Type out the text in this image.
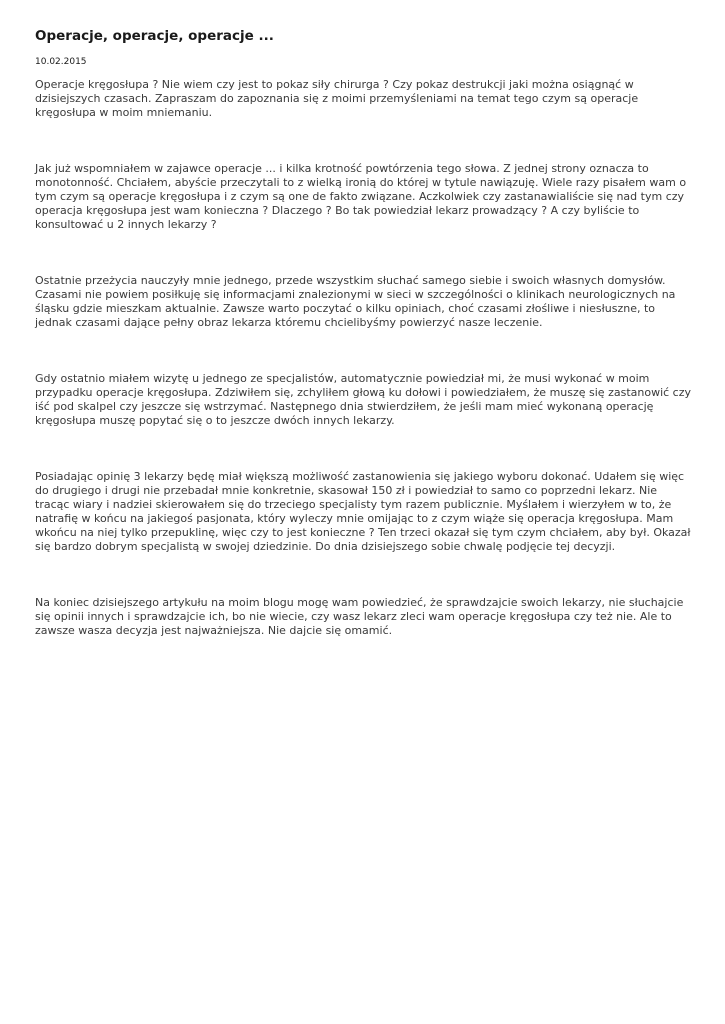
Operacje, operacje, operacje ...
10.02.2015

Operacje kręgosłupa ? Nie wiem czy jest to pokaz siły chirurga ? Czy pokaz destrukcji jaki można osiągnąć w dzisiejszych czasach. Zapraszam do zapoznania się z moimi przemyśleniami na temat tego czym są operacje kręgosłupa w moim mniemaniu.

Jak już wspomniałem w zajawce operacje ... i kilka krotność powtórzenia tego słowa. Z jednej strony oznacza to monotonność. Chciałem, abyście przeczytali to z wielką ironią do której w tytule nawiązuję. Wiele razy pisałem wam o tym czym są operacje kręgosłupa i z czym są one de fakto związane. Aczkolwiek czy zastanawialiście się nad tym czy operacja kręgosłupa jest wam konieczna ? Dlaczego ? Bo tak powiedział lekarz prowadzący ? A czy byliście to konsultować u 2 innych lekarzy ?

Ostatnie przeżycia nauczyły mnie jednego, przede wszystkim słuchać samego siebie i swoich własnych domysłów. Czasami nie powiem posiłkuję się informacjami znalezionymi w sieci w szczególności o klinikach neurologicznych na śląsku gdzie mieszkam aktualnie. Zawsze warto poczytać o kilku opiniach, choć czasami złośliwe i niesłuszne, to jednak czasami dające pełny obraz lekarza któremu chcielibyśmy powierzyć nasze leczenie.

Gdy ostatnio miałem wizytę u jednego ze specjalistów, automatycznie powiedział mi, że musi wykonać w moim przypadku operacje kręgosłupa. Zdziwiłem się, zchyliłem głową ku dołowi i powiedziałem, że muszę się zastanowić czy iść pod skalpel czy jeszcze się wstrzymać. Następnego dnia stwierdziłem, że jeśli mam mieć wykonaną operację kręgosłupa muszę popytać się o to jeszcze dwóch innych lekarzy.

Posiadając opinię 3 lekarzy będę miał większą możliwość zastanowienia się jakiego wyboru dokonać. Udałem się więc do drugiego i drugi nie przebadał mnie konkretnie, skasował 150 zł i powiedział to samo co poprzedni lekarz. Nie tracąc wiary i nadziei skierowałem się do trzeciego specjalisty tym razem publicznie. Myślałem i wierzyłem w to, że natrafię w końcu na jakiegoś pasjonata, który wyleczy mnie omijając to z czym wiąże się operacja kręgosłupa. Mam wkońcu na niej tylko przepuklinę, więc czy to jest konieczne ? Ten trzeci okazał się tym czym chciałem, aby był. Okazał się bardzo dobrym specjalistą w swojej dziedzinie. Do dnia dzisiejszego sobie chwalę podjęcie tej decyzji.

Na koniec dzisiejszego artykułu na moim blogu mogę wam powiedzieć, że sprawdzajcie swoich lekarzy, nie słuchajcie się opinii innych i sprawdzajcie ich, bo nie wiecie, czy wasz lekarz zleci wam operacje kręgosłupa czy też nie. Ale to zawsze wasza decyzja jest najważniejsza. Nie dajcie się omamić.
